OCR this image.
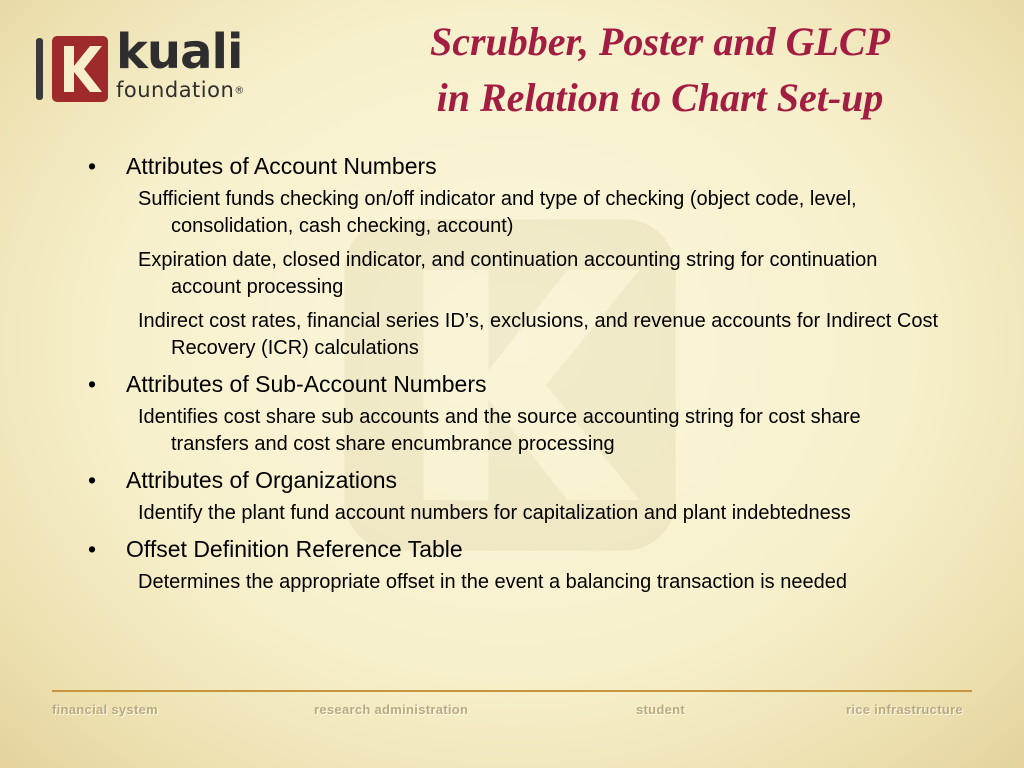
kuali
foundation®
Scrubber, Poster and GLCP
in Relation to Chart Set-up
• Attributes of Account Numbers
Sufficient funds checking on/off indicator and type of checking (object code, level, consolidation, cash checking, account)
Expiration date, closed indicator, and continuation accounting string for continuation account processing
Indirect cost rates, financial series ID’s, exclusions, and revenue accounts for Indirect Cost Recovery (ICR) calculations
• Attributes of Sub-Account Numbers
Identifies cost share sub accounts and the source accounting string for cost share transfers and cost share encumbrance processing
• Attributes of Organizations
Identify the plant fund account numbers for capitalization and plant indebtedness
• Offset Definition Reference Table
Determines the appropriate offset in the event a balancing transaction is needed
financial system	research administration	student	rice infrastructure
